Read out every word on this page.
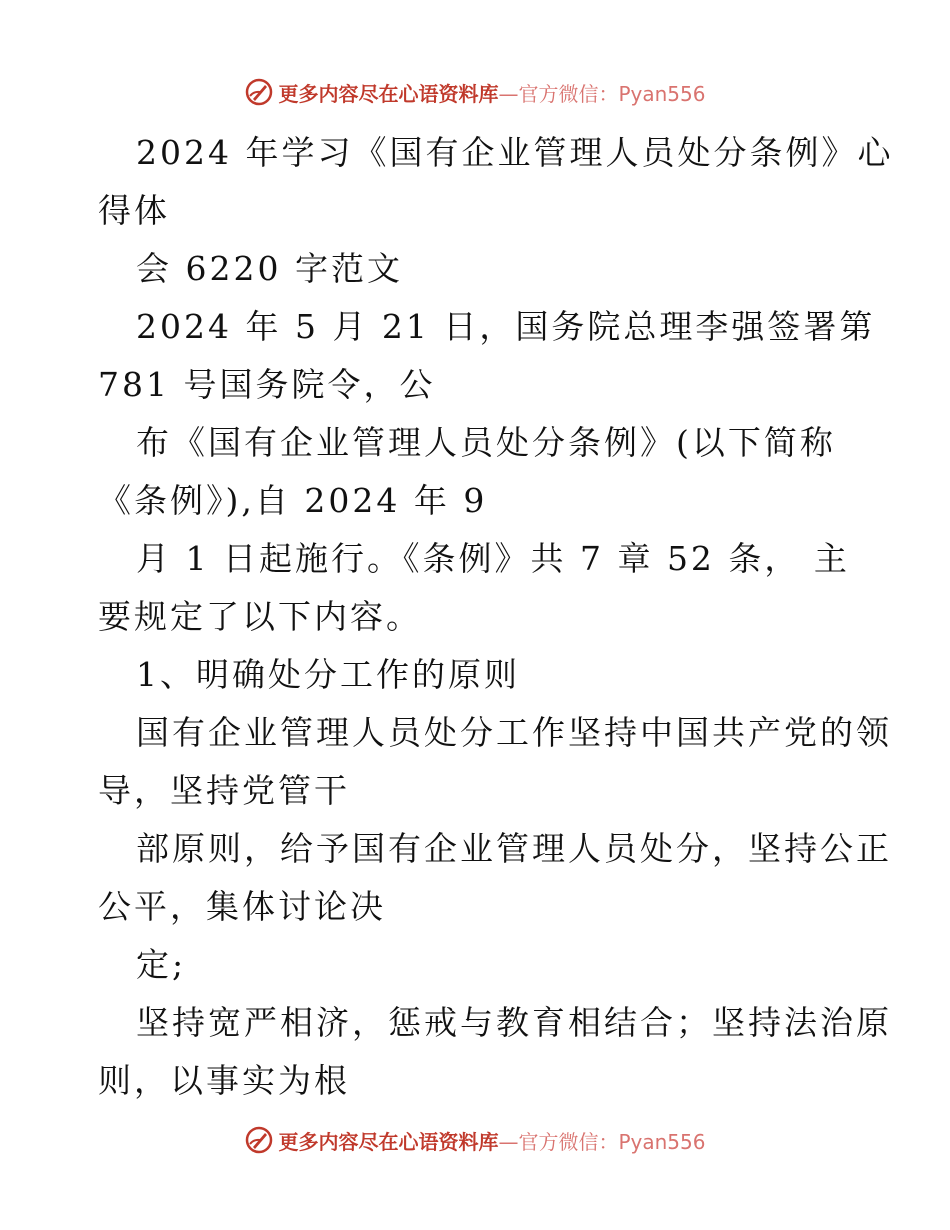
更多内容尽在心语资料库—官方微信：Pyan556
2024 年学习《国有企业管理人员处分条例》心
得体
会 6220 字范文
2024 年 5 月 21 日，国务院总理李强签署第
781 号国务院令，公
布《国有企业管理人员处分条例》(以下简称
《条例》),自 2024 年 9
月 1 日起施行。《条例》共 7 章 52 条， 主
要规定了以下内容。
1、明确处分工作的原则
国有企业管理人员处分工作坚持中国共产党的领
导，坚持党管干
部原则，给予国有企业管理人员处分，坚持公正
公平，集体讨论决
定;
坚持宽严相济，惩戒与教育相结合；坚持法治原
则，以事实为根
更多内容尽在心语资料库—官方微信：Pyan556
